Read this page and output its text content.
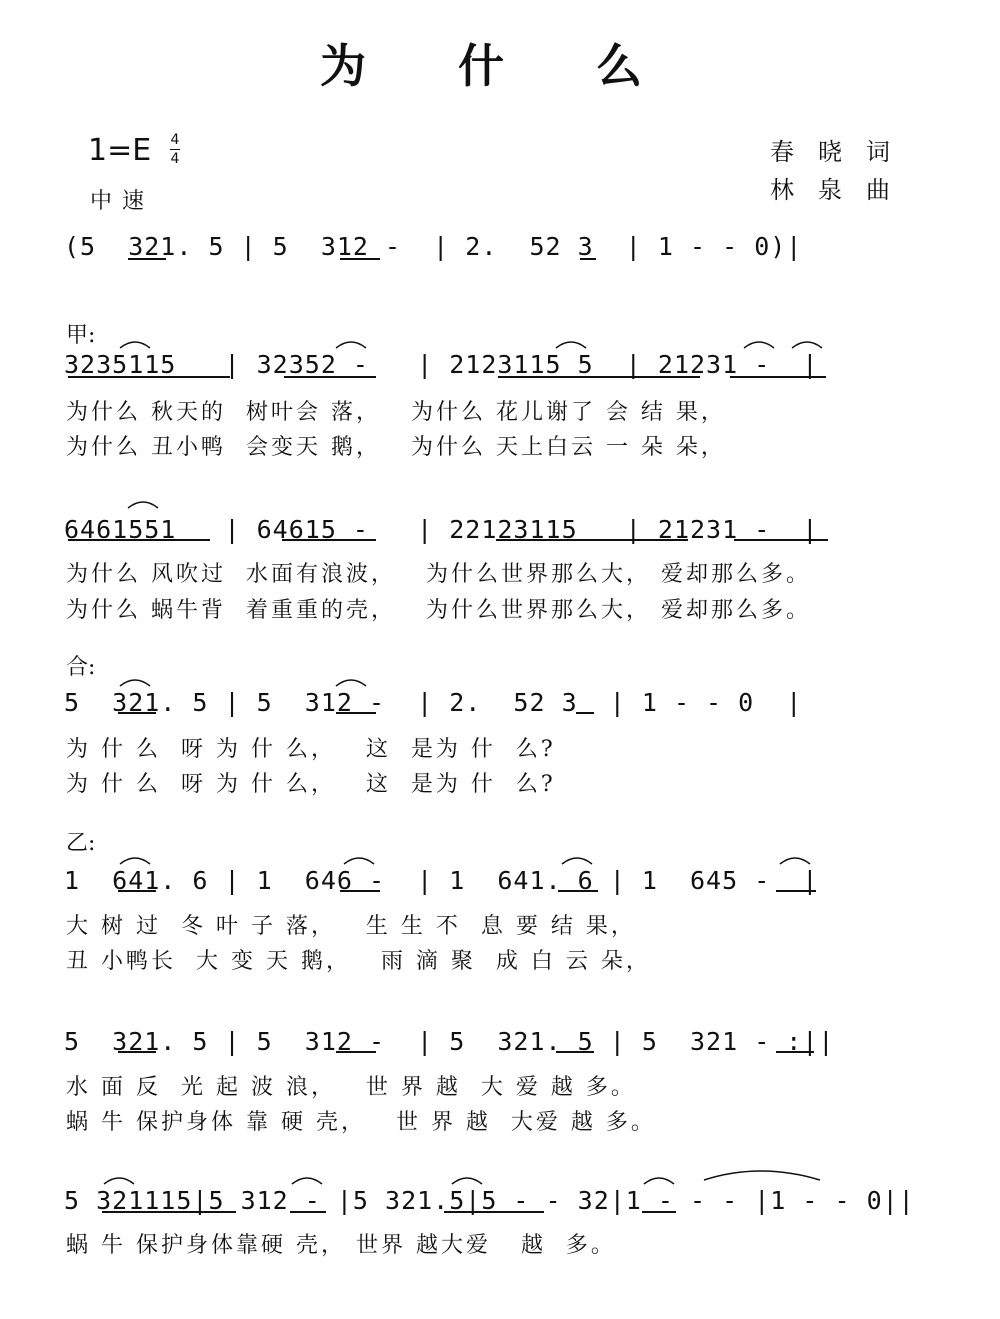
为 什 么
1=E 4
4
中速
春晓词
林泉曲
(5  321. 5 | 5  312 -  | 2.  52 3  | 1 - - 0)|
甲:
3235115   | 32352 -   | 2123115 5  | 21231 -  |
为什么 秋天的  树叶会 落，   为什么 花儿谢了 会 结 果，
为什么 丑小鸭  会变天 鹅，   为什么 天上白云 一 朵 朵，
6461551   | 64615 -   | 22123115   | 21231 -  |
为什么 风吹过  水面有浪波，   为什么世界那么大， 爱却那么多。
为什么 蜗牛背  着重重的壳，   为什么世界那么大， 爱却那么多。
合:
5  321. 5 | 5  312 -  | 2.  52 3  | 1 - - 0  |
为 什 么  呀 为 什 么，   这  是为 什  么?
为 什 么  呀 为 什 么，   这  是为 什  么?
乙:
1  641. 6 | 1  646 -  | 1  641. 6 | 1  645 -  |
大 树 过  冬 叶 子 落，   生 生 不  息 要 结 果，
丑 小鸭长  大 变 天 鹅，   雨 滴 聚  成 白 云 朵，
5  321. 5 | 5  312 -  | 5  321. 5 | 5  321 - :||
水 面 反  光 起 波 浪，   世 界 越  大 爱 越 多。
蜗 牛 保护身体 靠 硬 壳，   世 界 越  大爱 越 多。
5 321115|5 312 - |5 321.5|5 - - 32|1 - - - |1 - - 0||
蜗 牛 保护身体靠硬 壳， 世界 越大爱   越  多。
